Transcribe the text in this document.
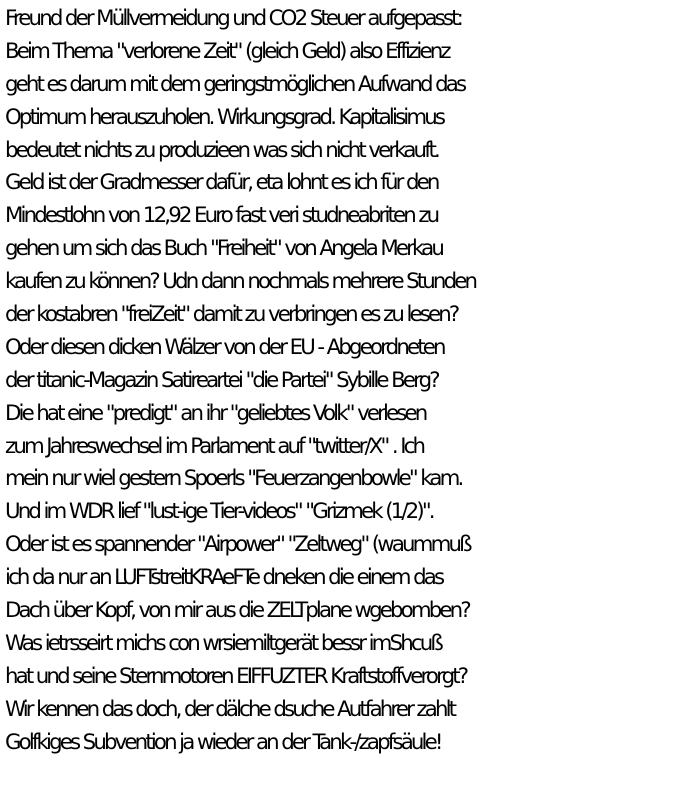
Freund der Müllvermeidung und CO2 Steuer aufgepasst:
Beim Thema "verlorene Zeit" (gleich Geld) also Effizienz
geht es darum mit dem geringstmöglichen Aufwand das
Optimum herauszuholen. Wirkungsgrad. Kapitalisimus
bedeutet nichts zu produzieen was sich nicht verkauft.
Geld ist der Gradmesser dafür, eta lohnt es ich für den
Mindestlohn von 12,92 Euro fast veri studneabriten zu
gehen um sich das Buch "Freiheit" von Angela Merkau
kaufen zu können? Udn dann nochmals mehrere Stunden
der kostabren "freiZeit" damit zu verbringen es zu lesen?
Oder diesen dicken Wälzer von der EU - Abgeordneten
der titanic-Magazin Satireartei "die Partei" Sybille Berg?
Die hat eine "predigt" an ihr "geliebtes Volk" verlesen
zum Jahreswechsel im Parlament auf "twitter/X" . Ich
mein nur wiel gestern Spoerls "Feuerzangenbowle" kam.
Und im WDR lief "lust-ige Tier-videos" "Grizmek (1/2)".
Oder ist es spannender "Airpower" "Zeltweg" (waummuß
ich da nur an LUFTstreitKRAeFTe dneken die einem das
Dach über Kopf, von mir aus die ZELTplane wgebomben?
Was ietrsseirt michs con wrsiemiltgerät bessr imShcuß
hat und seine Sternmotoren EIFFUZTER Kraftstoffverorgt?
Wir kennen das doch, der dälche dsuche Autfahrer zahlt
Golfkiges Subvention ja wieder an der Tank-/zapfsäule!
